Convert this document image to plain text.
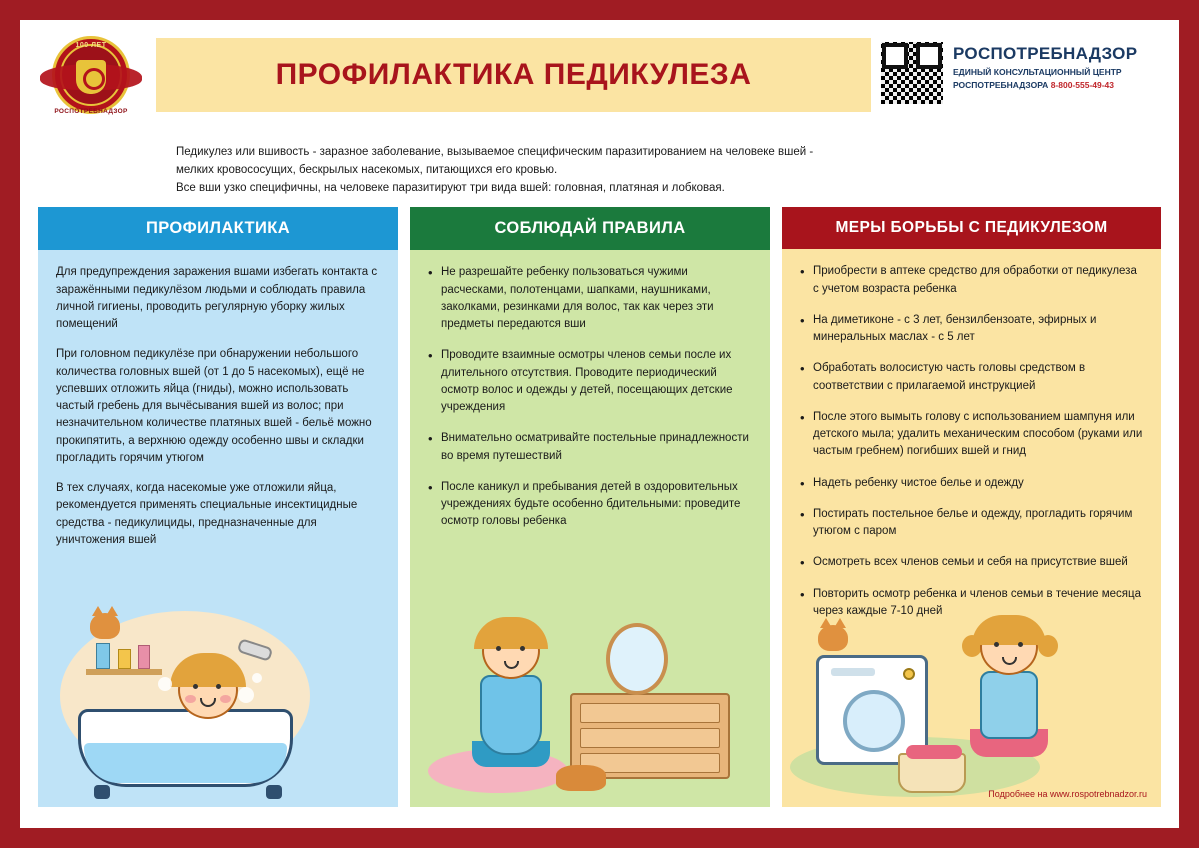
100 ЛЕТ
РОСПОТРЕБНАДЗОР
ПРОФИЛАКТИКА ПЕДИКУЛЕЗА
РОСПОТРЕБНАДЗОР
ЕДИНЫЙ КОНСУЛЬТАЦИОННЫЙ ЦЕНТР
РОСПОТРЕБНАДЗОРА 8-800-555-49-43
Педикулез или вшивость - заразное заболевание, вызываемое специфическим паразитированием на человеке вшей -
мелких кровососущих, бескрылых насекомых, питающихся его кровью.
Все вши узко специфичны, на человеке паразитируют три вида вшей: головная, платяная и лобковая.
ПРОФИЛАКТИКА

Для предупреждения заражения вшами избегать контакта с заражёнными педикулёзом людьми и соблюдать правила личной гигиены, проводить регулярную уборку жилых помещений

При головном педикулёзе при обнаружении небольшого количества головных вшей (от 1 до 5 насекомых), ещё не успевших отложить яйца (гниды), можно использовать частый гребень для вычёсывания вшей из волос; при незначительном количестве платяных вшей - бельё можно прокипятить, а верхнюю одежду особенно швы и складки прогладить горячим утюгом

В тех случаях, когда насекомые уже отложили яйца, рекомендуется применять специальные инсектицидные средства - педикулициды, предназначенные для уничтожения вшей

СОБЛЮДАЙ ПРАВИЛА
• Не разрешайте ребенку пользоваться чужими расческами, полотенцами, шапками, наушниками, заколками, резинками для волос, так как через эти предметы передаются вши
• Проводите взаимные осмотры членов семьи после их длительного отсутствия. Проводите периодический осмотр волос и одежды у детей, посещающих детские учреждения
• Внимательно осматривайте постельные принадлежности во время путешествий
• После каникул и пребывания детей в оздоровительных учреждениях будьте особенно бдительными: проведите осмотр головы ребенка
МЕРЫ БОРЬБЫ С ПЕДИКУЛЕЗОМ
• Приобрести в аптеке средство для обработки от педикулеза с учетом возраста ребенка
• На диметиконе - с 3 лет, бензилбензоате, эфирных и минеральных маслах - с 5 лет
• Обработать волосистую часть головы средством в соответствии с прилагаемой инструкцией
• После этого вымыть голову с использованием шампуня или детского мыла; удалить механическим способом (руками или частым гребнем) погибших вшей и гнид
• Надеть ребенку чистое белье и одежду
• Постирать постельное белье и одежду, прогладить горячим утюгом с паром
• Осмотреть всех членов семьи и себя на присутствие вшей
• Повторить осмотр ребенка и членов семьи в течение месяца через каждые 7-10 дней
Подробнее на www.rospotrebnadzor.ru
